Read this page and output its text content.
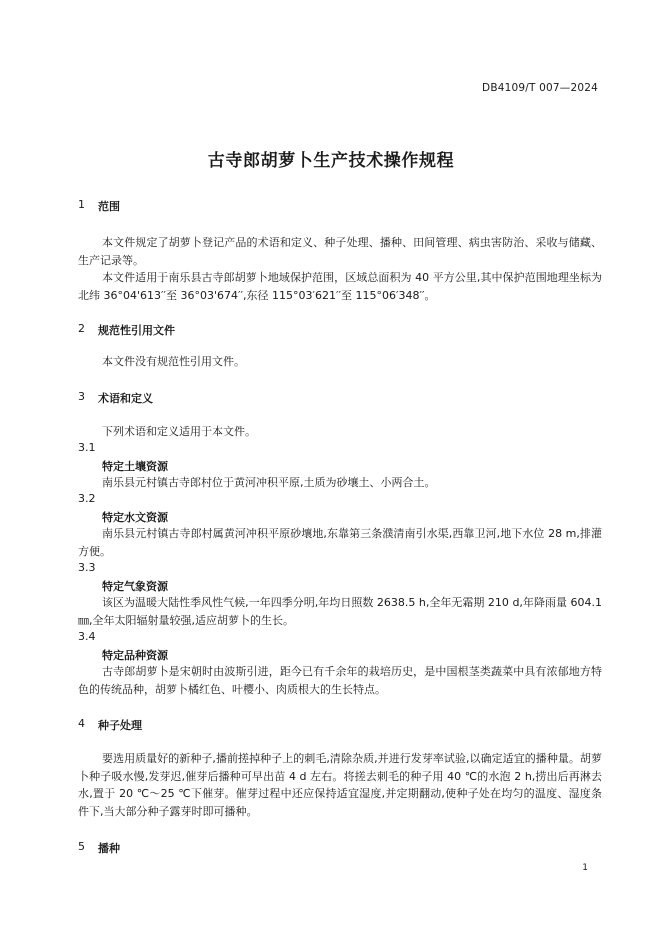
DB4109/T 007—2024
古寺郎胡萝卜生产技术操作规程
1 范围
本文件规定了胡萝卜登记产品的术语和定义、种子处理、播种、田间管理、病虫害防治、采收与储藏、生产记录等。
本文件适用于南乐县古寺郎胡萝卜地域保护范围，区域总面积为 40 平方公里,其中保护范围地理坐标为北纬 36°04'613′′至 36°03'674′′,东径 115°03′621′′至 115°06′348′′。
2 规范性引用文件
本文件没有规范性引用文件。
3 术语和定义
下列术语和定义适用于本文件。
3.1
特定土壤资源
南乐县元村镇古寺郎村位于黄河冲积平原,土质为砂壤土、小两合土。
3.2
特定水文资源
南乐县元村镇古寺郎村属黄河冲积平原砂壤地,东靠第三条濮清南引水渠,西靠卫河,地下水位 28 m,排灌方便。
3.3
特定气象资源
该区为温暖大陆性季风性气候,一年四季分明,年均日照数 2638.5 h,全年无霜期 210 d,年降雨量 604.1 ㎜,全年太阳辐射量较强,适应胡萝卜的生长。
3.4
特定品种资源
古寺郎胡萝卜是宋朝时由波斯引进，距今已有千余年的栽培历史，是中国根茎类蔬菜中具有浓郁地方特色的传统品种，胡萝卜橘红色、叶樱小、肉质根大的生长特点。
4 种子处理
要选用质量好的新种子,播前搓掉种子上的刺毛,清除杂质,并进行发芽率试验,以确定适宜的播种量。胡萝卜种子吸水慢,发芽迟,催芽后播种可早出苗 4 d 左右。将搓去刺毛的种子用 40 ℃的水泡 2 h,捞出后再淋去水,置于 20 ℃～25 ℃下催芽。催芽过程中还应保持适宜湿度,并定期翻动,使种子处在均匀的温度、湿度条件下,当大部分种子露芽时即可播种。
5 播种
1
